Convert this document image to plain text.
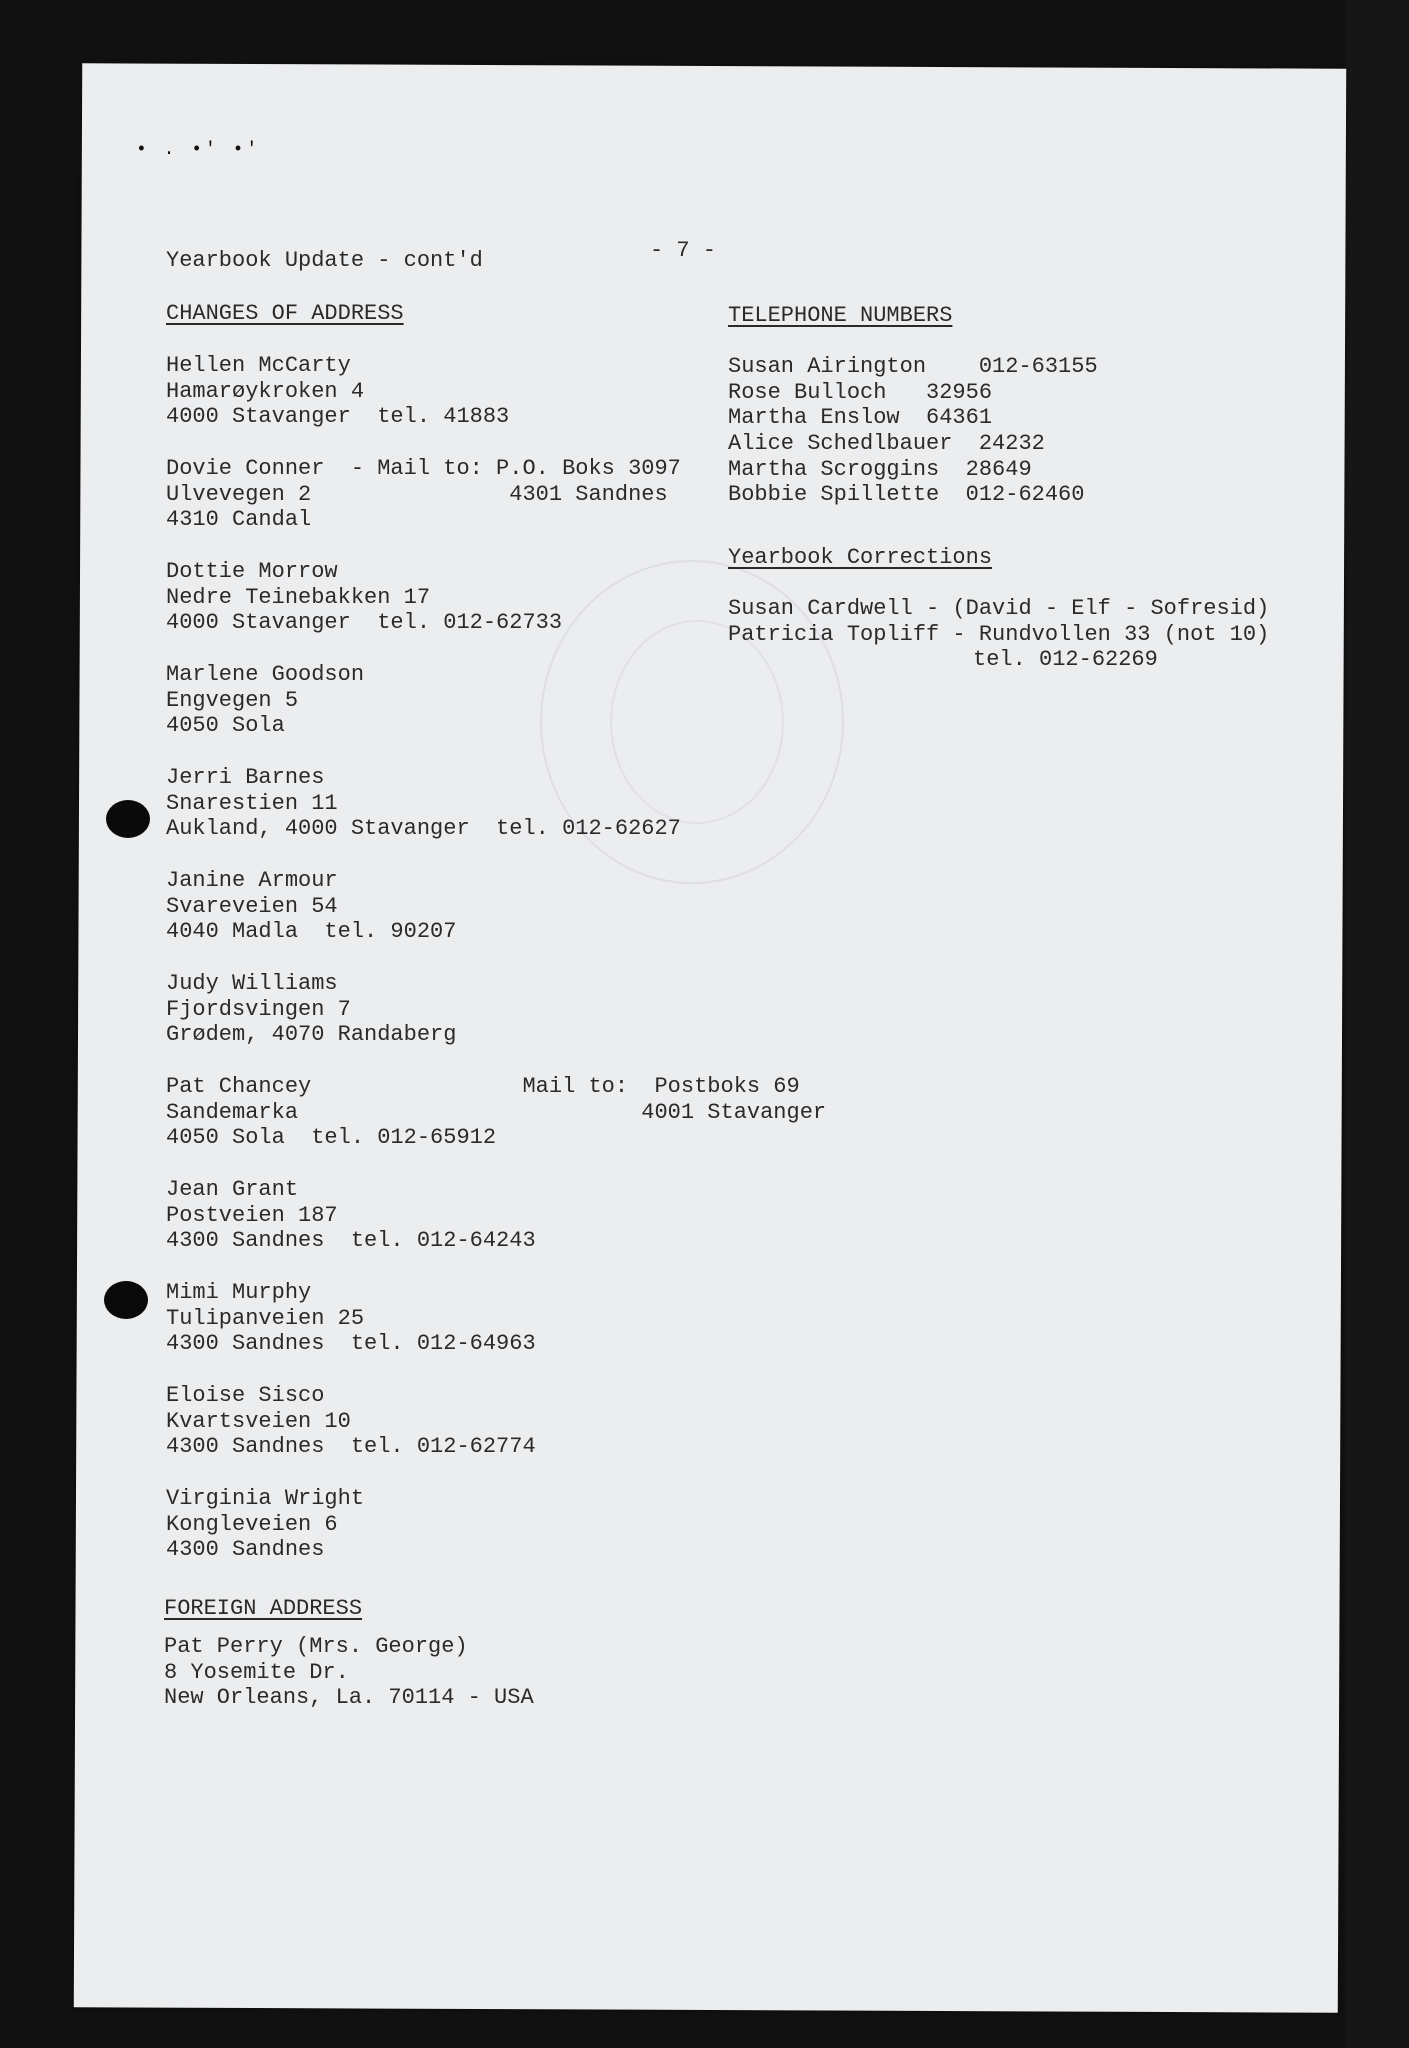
• . •' •'
Yearbook Update - cont'd	- 7 -
CHANGES OF ADDRESS
Hellen McCarty
Hamarøykroken 4
4000 Stavanger  tel. 41883
Dovie Conner  - Mail to: P.O. Boks 3097
Ulvevegen 2               4301 Sandnes
4310 Candal
Dottie Morrow
Nedre Teinebakken 17
4000 Stavanger  tel. 012-62733
Marlene Goodson
Engvegen 5
4050 Sola
Jerri Barnes
Snarestien 11
Aukland, 4000 Stavanger  tel. 012-62627
Janine Armour
Svareveien 54
4040 Madla  tel. 90207
Judy Williams
Fjordsvingen 7
Grødem, 4070 Randaberg
Pat Chancey                Mail to:  Postboks 69
Sandemarka                          4001 Stavanger
4050 Sola  tel. 012-65912
Jean Grant
Postveien 187
4300 Sandnes  tel. 012-64243
Mimi Murphy
Tulipanveien 25
4300 Sandnes  tel. 012-64963
Eloise Sisco
Kvartsveien 10
4300 Sandnes  tel. 012-62774
Virginia Wright
Kongleveien 6
4300 Sandnes
FOREIGN ADDRESS
Pat Perry (Mrs. George)
8 Yosemite Dr.
New Orleans, La. 70114 - USA
TELEPHONE NUMBERS
Susan Airington    012-63155
Rose Bulloch   32956
Martha Enslow  64361
Alice Schedlbauer  24232
Martha Scroggins  28649
Bobbie Spillette  012-62460
Yearbook Corrections
Susan Cardwell - (David - Elf - Sofresid)
Patricia Topliff - Rundvollen 33 (not 10)
tel. 012-62269
